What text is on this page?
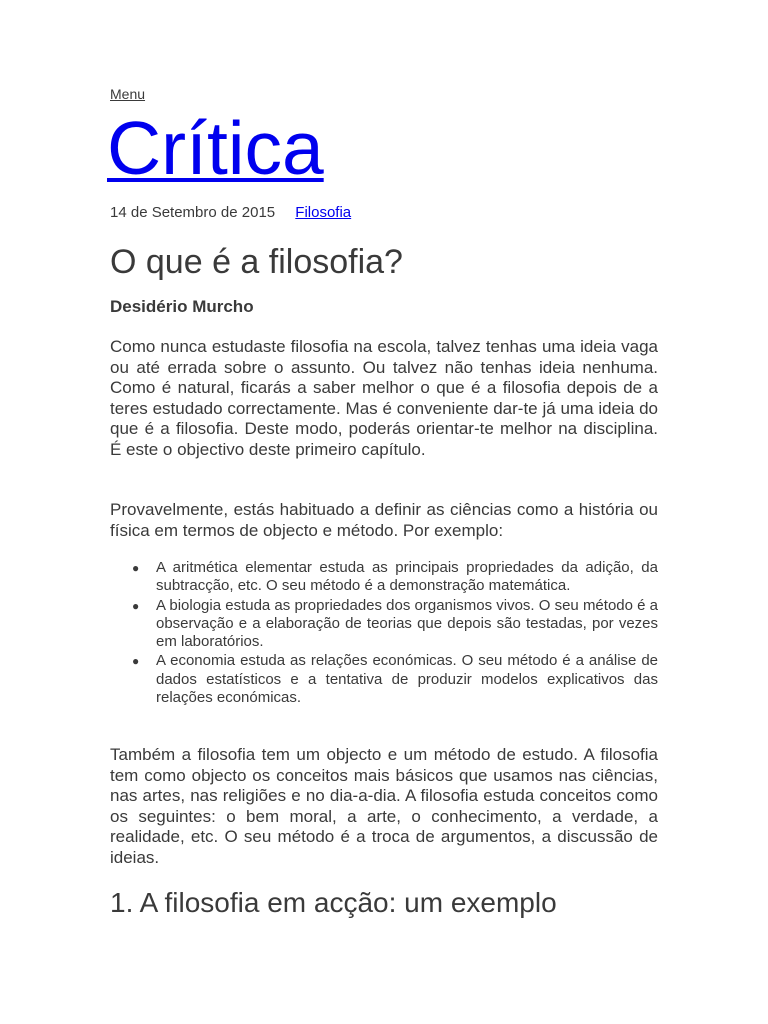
Menu
Crítica
14 de Setembro de 2015 Filosofia
O que é a filosofia?
Desidério Murcho

Como nunca estudaste filosofia na escola, talvez tenhas uma ideia vaga ou até errada sobre o assunto. Ou talvez não tenhas ideia nenhuma. Como é natural, ficarás a saber melhor o que é a filosofia depois de a teres estudado correctamente. Mas é conveniente dar-te já uma ideia do que é a filosofia. Deste modo, poderás orientar-te melhor na disciplina. É este o objectivo deste primeiro capítulo.

Provavelmente, estás habituado a definir as ciências como a história ou física em termos de objecto e método. Por exemplo:

● A aritmética elementar estuda as principais propriedades da adição, da subtracção, etc. O seu método é a demonstração matemática.
● A biologia estuda as propriedades dos organismos vivos. O seu método é a observação e a elaboração de teorias que depois são testadas, por vezes em laboratórios.
● A economia estuda as relações económicas. O seu método é a análise de dados estatísticos e a tentativa de produzir modelos explicativos das relações económicas.

Também a filosofia tem um objecto e um método de estudo. A filosofia tem como objecto os conceitos mais básicos que usamos nas ciências, nas artes, nas religiões e no dia-a-dia. A filosofia estuda conceitos como os seguintes: o bem moral, a arte, o conhecimento, a verdade, a realidade, etc. O seu método é a troca de argumentos, a discussão de ideias.

1. A filosofia em acção: um exemplo
